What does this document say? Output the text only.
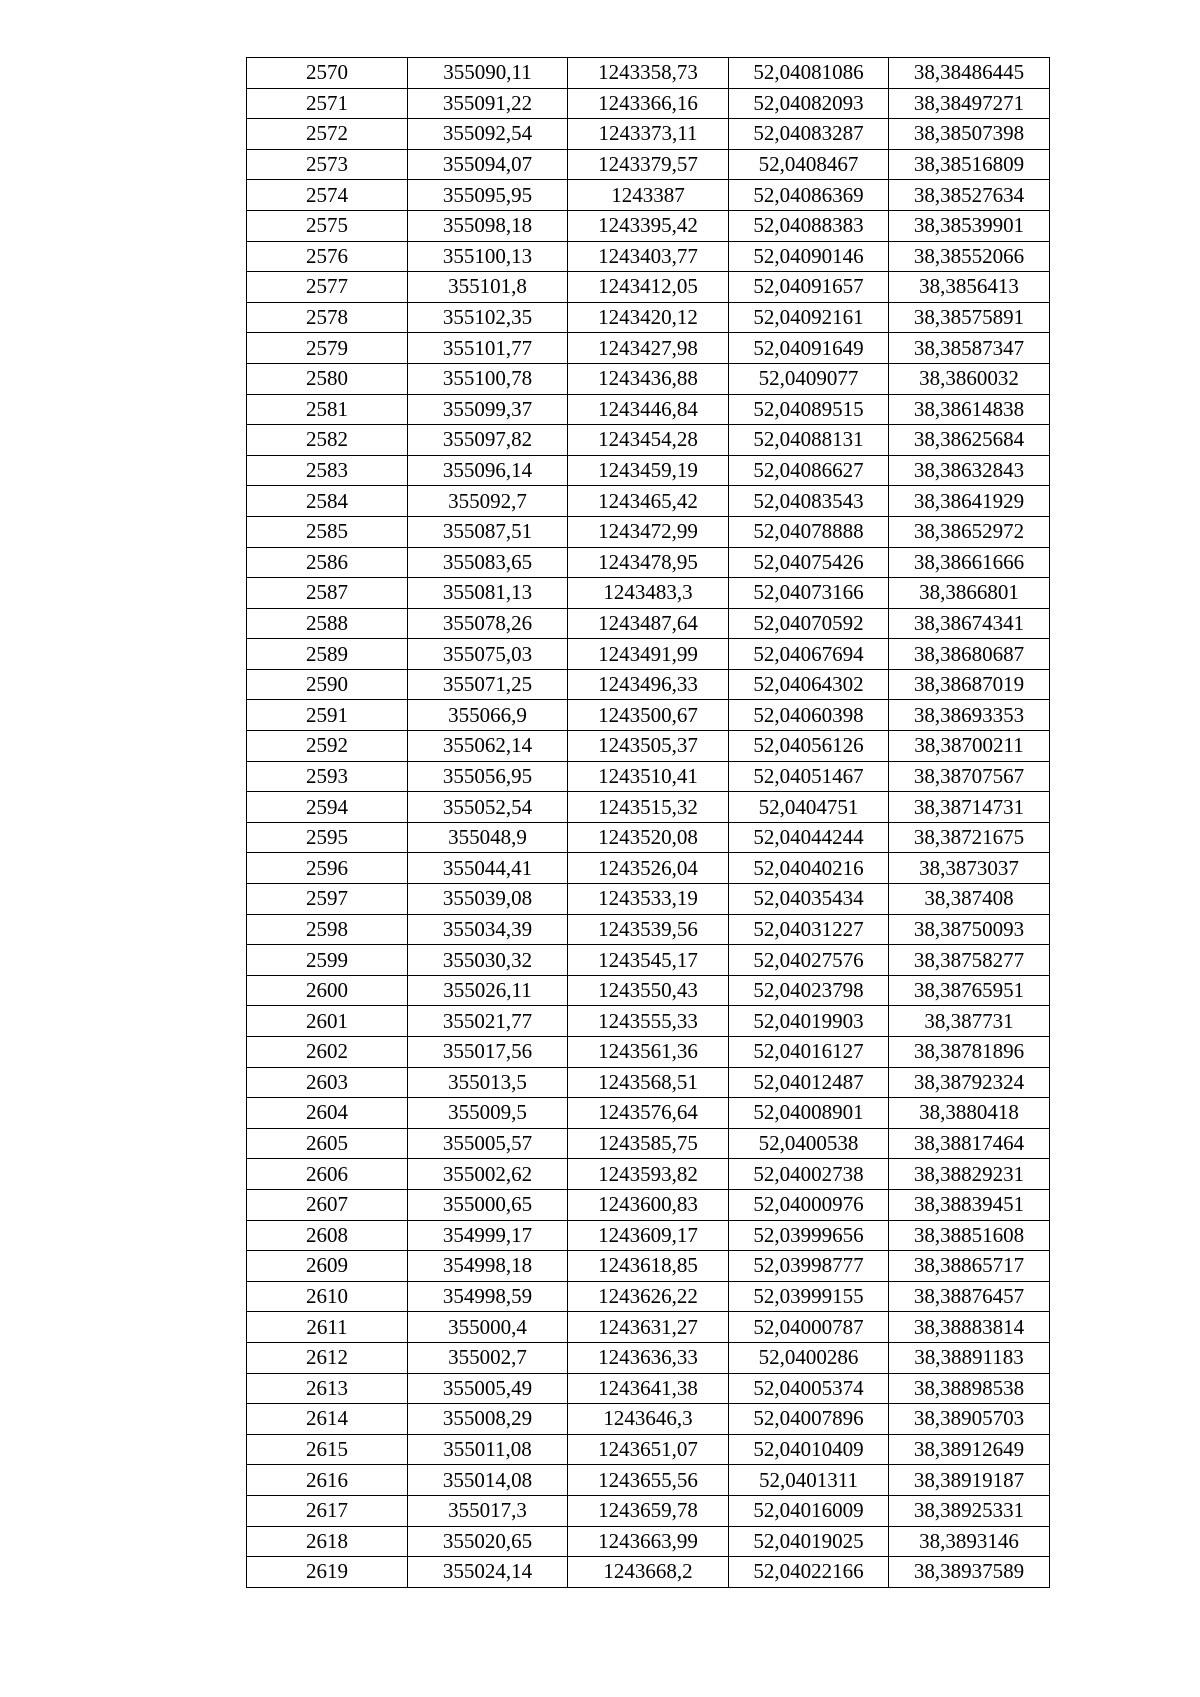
2570	355090,11	1243358,73	52,04081086	38,38486445
2571	355091,22	1243366,16	52,04082093	38,38497271
2572	355092,54	1243373,11	52,04083287	38,38507398
2573	355094,07	1243379,57	52,0408467	38,38516809
2574	355095,95	1243387	52,04086369	38,38527634
2575	355098,18	1243395,42	52,04088383	38,38539901
2576	355100,13	1243403,77	52,04090146	38,38552066
2577	355101,8	1243412,05	52,04091657	38,3856413
2578	355102,35	1243420,12	52,04092161	38,38575891
2579	355101,77	1243427,98	52,04091649	38,38587347
2580	355100,78	1243436,88	52,0409077	38,3860032
2581	355099,37	1243446,84	52,04089515	38,38614838
2582	355097,82	1243454,28	52,04088131	38,38625684
2583	355096,14	1243459,19	52,04086627	38,38632843
2584	355092,7	1243465,42	52,04083543	38,38641929
2585	355087,51	1243472,99	52,04078888	38,38652972
2586	355083,65	1243478,95	52,04075426	38,38661666
2587	355081,13	1243483,3	52,04073166	38,3866801
2588	355078,26	1243487,64	52,04070592	38,38674341
2589	355075,03	1243491,99	52,04067694	38,38680687
2590	355071,25	1243496,33	52,04064302	38,38687019
2591	355066,9	1243500,67	52,04060398	38,38693353
2592	355062,14	1243505,37	52,04056126	38,38700211
2593	355056,95	1243510,41	52,04051467	38,38707567
2594	355052,54	1243515,32	52,0404751	38,38714731
2595	355048,9	1243520,08	52,04044244	38,38721675
2596	355044,41	1243526,04	52,04040216	38,3873037
2597	355039,08	1243533,19	52,04035434	38,387408
2598	355034,39	1243539,56	52,04031227	38,38750093
2599	355030,32	1243545,17	52,04027576	38,38758277
2600	355026,11	1243550,43	52,04023798	38,38765951
2601	355021,77	1243555,33	52,04019903	38,387731
2602	355017,56	1243561,36	52,04016127	38,38781896
2603	355013,5	1243568,51	52,04012487	38,38792324
2604	355009,5	1243576,64	52,04008901	38,3880418
2605	355005,57	1243585,75	52,0400538	38,38817464
2606	355002,62	1243593,82	52,04002738	38,38829231
2607	355000,65	1243600,83	52,04000976	38,38839451
2608	354999,17	1243609,17	52,03999656	38,38851608
2609	354998,18	1243618,85	52,03998777	38,38865717
2610	354998,59	1243626,22	52,03999155	38,38876457
2611	355000,4	1243631,27	52,04000787	38,38883814
2612	355002,7	1243636,33	52,0400286	38,38891183
2613	355005,49	1243641,38	52,04005374	38,38898538
2614	355008,29	1243646,3	52,04007896	38,38905703
2615	355011,08	1243651,07	52,04010409	38,38912649
2616	355014,08	1243655,56	52,0401311	38,38919187
2617	355017,3	1243659,78	52,04016009	38,38925331
2618	355020,65	1243663,99	52,04019025	38,3893146
2619	355024,14	1243668,2	52,04022166	38,38937589
